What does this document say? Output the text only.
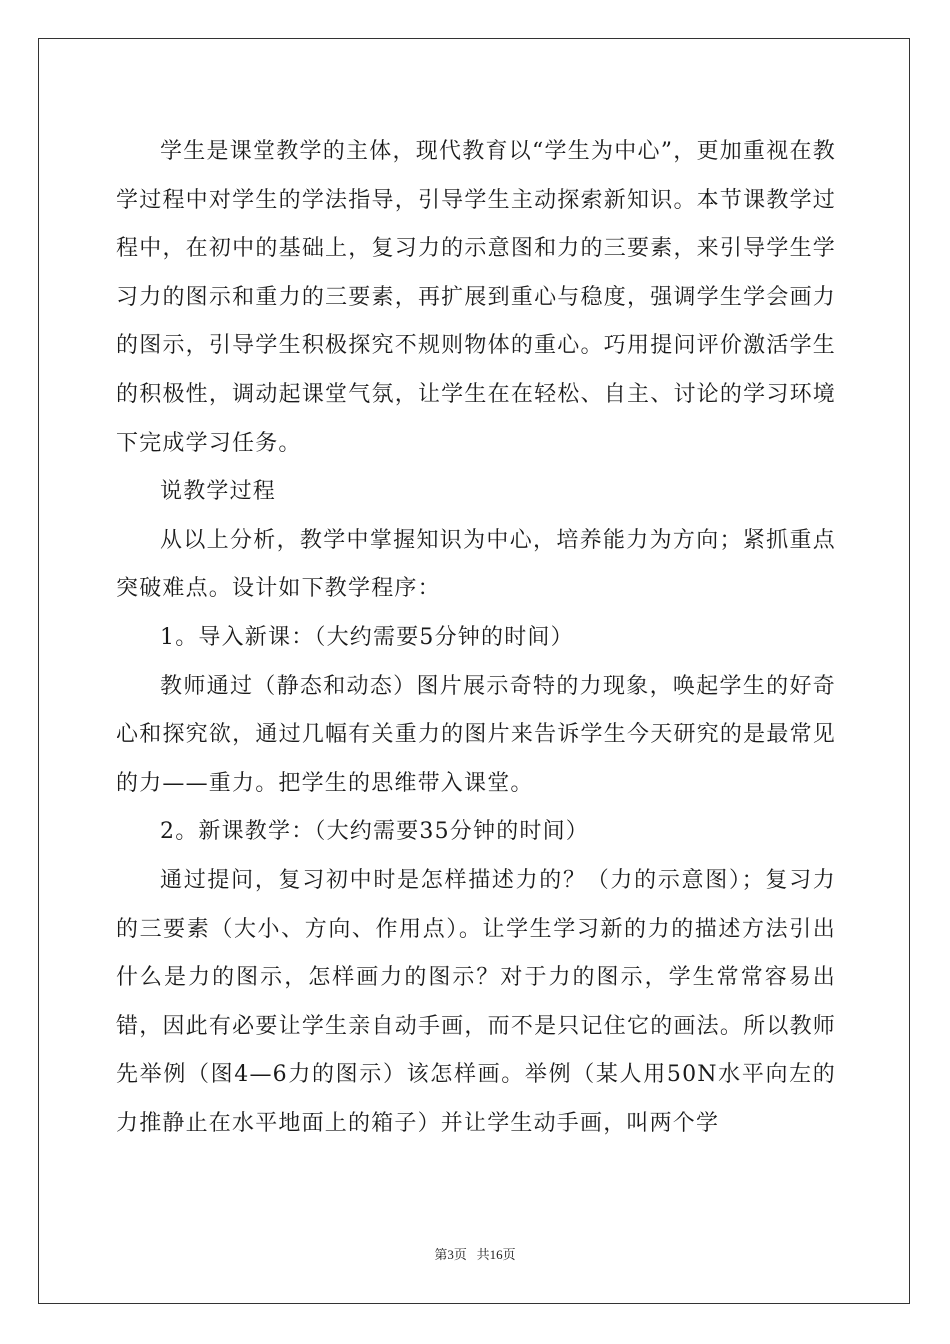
学生是课堂教学的主体，现代教育以“学生为中心”，更加重视在教学过程中对学生的学法指导，引导学生主动探索新知识。本节课教学过程中，在初中的基础上，复习力的示意图和力的三要素，来引导学生学习力的图示和重力的三要素，再扩展到重心与稳度，强调学生学会画力的图示，引导学生积极探究不规则物体的重心。巧用提问评价激活学生的积极性，调动起课堂气氛，让学生在在轻松、自主、讨论的学习环境下完成学习任务。

说教学过程

从以上分析，教学中掌握知识为中心，培养能力为方向；紧抓重点突破难点。设计如下教学程序：

1。导入新课：（大约需要5分钟的时间）

教师通过（静态和动态）图片展示奇特的力现象，唤起学生的好奇心和探究欲，通过几幅有关重力的图片来告诉学生今天研究的是最常见的力——重力。把学生的思维带入课堂。

2。新课教学：（大约需要35分钟的时间）

通过提问，复习初中时是怎样描述力的？（力的示意图）；复习力的三要素（大小、方向、作用点）。让学生学习新的力的描述方法引出什么是力的图示，怎样画力的图示？对于力的图示，学生常常容易出错，因此有必要让学生亲自动手画，而不是只记住它的画法。所以教师先举例（图4—6力的图示）该怎样画。举例（某人用50N水平向左的力推静止在水平地面上的箱子）并让学生动手画，叫两个学

第3页   共16页
